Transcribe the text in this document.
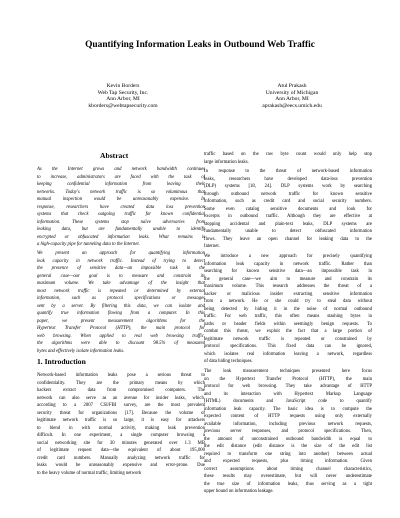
Quantifying Information Leaks in Outbound Web Traffic
Kevin Borders
Web Tap Security, Inc.
Ann Arbor, MI
kborders@webtapsecurity.com
Atul Prakash
University of Michigan
Ann Arbor, MI
aprakash@eecs.umich.edu
Abstract
As the Internet grows and network bandwidth continues
to increase, administrators are faced with the task of
keeping confidential information from leaving their
networks. Today's network traffic is so voluminous that
manual inspection would be unreasonably expensive. In
response, researchers have created data loss prevention
systems that check outgoing traffic for known confidential
information. These systems stop naïve adversaries from
leaking data, but are fundamentally unable to identify
encrypted or obfuscated information leaks. What remains is
a high-capacity pipe for tunneling data to the Internet.
We present an approach for quantifying information
leak capacity in network traffic. Instead of trying to detect
the presence of sensitive data—an impossible task in the
general case—our goal is to measure and constrain its
maximum volume. We take advantage of the insight that
most network traffic is repeated or determined by external
information, such as protocol specifications or messages
sent by a server. By filtering this data, we can isolate and
quantify true information flowing from a computer. In this
paper, we present measurement algorithms for the
Hypertext Transfer Protocol (HTTP), the main protocol for
web browsing. When applied to real web browsing traffic,
the algorithms were able to discount 98.5% of measured
bytes and effectively isolate information leaks.
1. Introduction
Network-based information leaks pose a serious threat to
confidentiality. They are the primary means by which
hackers extract data from compromised computers. The
network can also serve as an avenue for insider leaks, which,
according to a 2007 CSI/FBI survey, are the most prevalent
security threat for organizations [17]. Because the volume of
legitimate network traffic is so large, it is easy for attackers
to blend in with normal activity, making leak prevention
difficult. In one experiment, a single computer browsing a
social networking site for 30 minutes generated over 1.3 MB
of legitimate request data—the equivalent of about 195,000
credit card numbers. Manually analyzing network traffic for
leaks would be unreasonably expensive and error-prone. Due
to the heavy volume of normal traffic, limiting network
traffic based on the raw byte count would only help stop
large information leaks.
In response to the threat of network-based information
leaks, researchers have developed data-loss prevention
(DLP) systems [18, 24]. DLP systems work by searching
through outbound network traffic for known sensitive
information, such as credit card and social security numbers.
Some even catalog sensitive documents and look for
excerpts in outbound traffic. Although they are effective at
stopping accidental and plain-text leaks, DLP systems are
fundamentally unable to detect obfuscated information
flows. They leave an open channel for leaking data to the
Internet.
We introduce a new approach for precisely quantifying
information leak capacity in network traffic. Rather than
searching for known sensitive data—an impossible task in
the general case—we aim to measure and constrain its
maximum volume. This research addresses the threat of a
hacker or malicious insider extracting sensitive information
from a network. He or she could try to steal data without
being detected by hiding it in the noise of normal outbound
traffic. For web traffic, this often means stashing bytes in
paths or header fields within seemingly benign requests. To
combat this threat, we exploit the fact that a large portion of
legitimate network traffic is repeated or constrained by
protocol specifications. This fixed data can be ignored,
which isolates real information leaving a network, regardless
of data hiding techniques.
The leak measurement techniques presented here focus
on the Hypertext Transfer Protocol (HTTP), the main
protocol for web browsing. They take advantage of HTTP
and its interaction with Hypertext Markup Language
(HTML) documents and JavaScript code to quantify
information leak capacity. The basic idea is to compute the
expected content of HTTP requests using only externally
available information, including previous network requests,
previous server responses, and protocol specifications. Then,
the amount of unconstrained outbound bandwidth is equal to
the edit distance (edit distance is the size of the edit list
required to transform one string into another) between actual
and expected requests, plus timing information. Given
correct assumptions about timing channel characteristics,
these results may overestimate, but will never underestimate
the true size of information leaks, thus serving as a tight
upper bound on information leakage.
